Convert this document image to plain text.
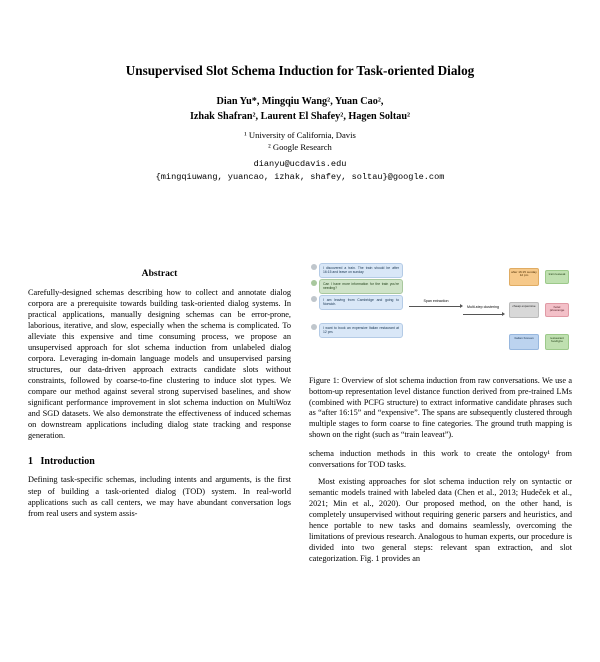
Unsupervised Slot Schema Induction for Task-oriented Dialog
Dian Yu*, Mingqiu Wang², Yuan Cao²,
Izhak Shafran², Laurent El Shafey², Hagen Soltau²
¹ University of California, Davis
² Google Research
dianyu@ucdavis.edu
{mingqiuwang, yuancao, izhak, shafey, soltau}@google.com
Abstract

Carefully-designed schemas describing how to collect and annotate dialog corpora are a prerequisite towards building task-oriented dialog systems. In practical applications, manually designing schemas can be error-prone, laborious, iterative, and slow, especially when the schema is complicated. To alleviate this expensive and time consuming process, we propose an unsupervised approach for slot schema induction from unlabeled dialog corpora. Leveraging in-domain language models and unsupervised parsing structures, our data-driven approach extracts candidate slots without constraints, followed by coarse-to-fine clustering to induce slot types. We compare our method against several strong supervised baselines, and show significant performance improvement in slot schema induction on MultiWoz and SGD datasets. We also demonstrate the effectiveness of induced schemas on downstream applications including dialog state tracking and response generation.

1 Introduction

Defining task-specific schemas, including intents and arguments, is the first step of building a task-oriented dialog (TOD) system. In real-world applications such as call centers, we may have abundant conversation logs from real users and system assis-

I discovered a train. The train should be after 16:15 and leave on sunday
Can I have more information for the train you're needing?
I am leaving from Cambridge and going to Norwich.
I want to book an expensive Italian restaurant at 12 pm.
Span extraction
Multi-step clustering
after 16:15 sunday 12 pm	train leaveat
cheap expensive	hotel pricerange
Italian Korean	restaurant foodtype
Figure 1: Overview of slot schema induction from raw conversations. We use a bottom-up representation level distance function derived from pre-trained LMs (combined with PCFG structure) to extract informative candidate phrases such as “after 16:15” and “expensive”. The spans are subsequently clustered through multiple stages to form coarse to fine categories. The ground truth mapping is shown on the right (such as “train leaveat”).

schema induction methods in this work to create the ontology¹ from conversations for TOD tasks.

Most existing approaches for slot schema induction rely on syntactic or semantic models trained with labeled data (Chen et al., 2013; Hudeček et al., 2021; Min et al., 2020). Our proposed method, on the other hand, is completely unsupervised without requiring generic parsers and heuristics, and hence portable to new tasks and domains seamlessly, overcoming the limitations of previous research. Analogous to human experts, our procedure is divided into two general steps: relevant span extraction, and slot categorization. Fig. 1 provides an
